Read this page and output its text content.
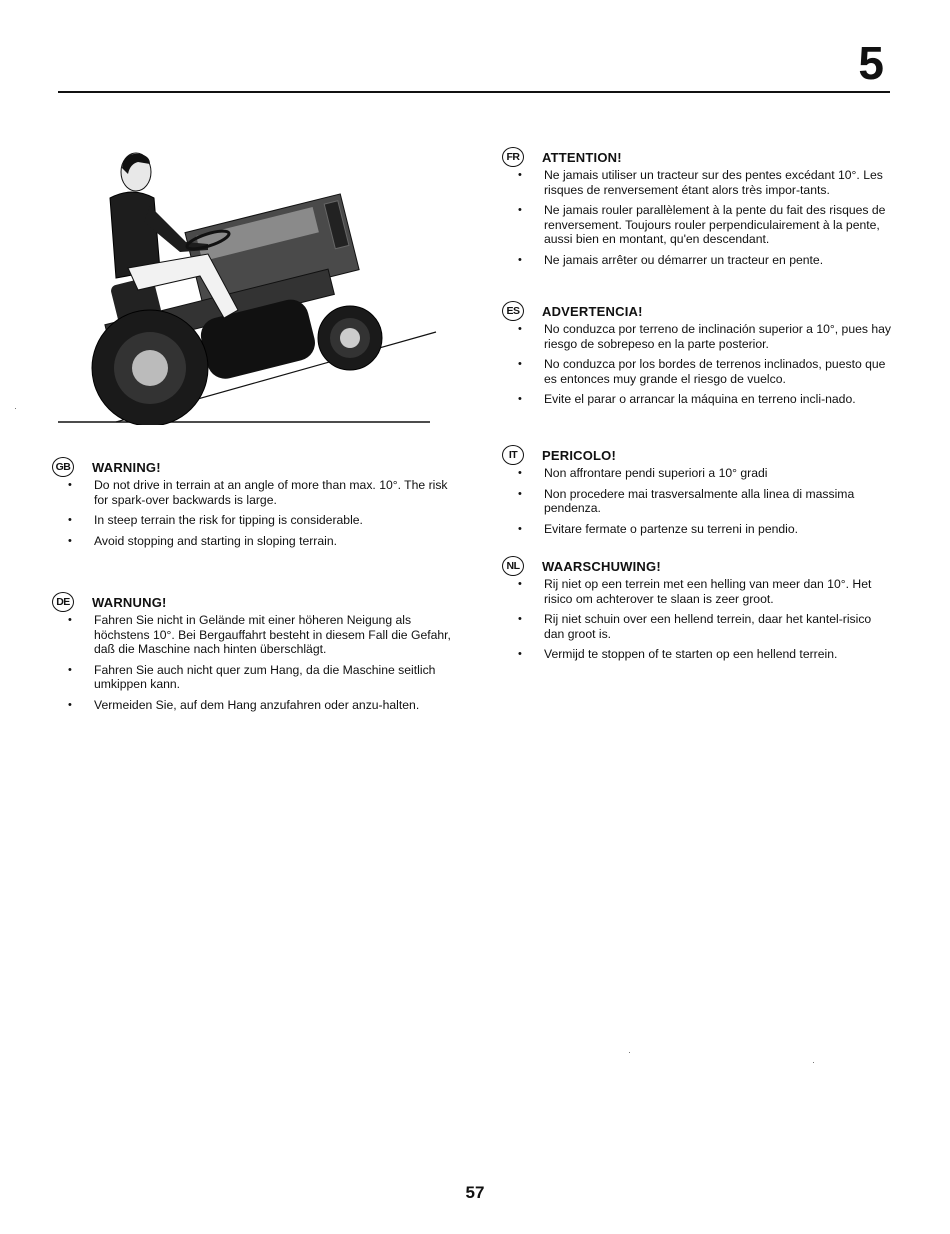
5
GB WARNING!
• Do not drive in terrain at an angle of more than max. 10°. The risk for spark-over backwards is large.
• In steep terrain the risk for tipping is considerable.
• Avoid stopping and starting in sloping terrain.
DE	WARNUNG!
• Fahren Sie nicht in Gelände mit einer höheren Neigung als höchstens 10°. Bei Bergauffahrt besteht in diesem Fall die Gefahr, daß die Maschine nach hinten überschlägt.
• Fahren Sie auch nicht quer zum Hang, da die Maschine seitlich umkippen kann.
• Vermeiden Sie, auf dem Hang anzufahren oder anzu-halten.
FR	ATTENTION!
• Ne jamais utiliser un tracteur sur des pentes excédant 10°. Les risques de renversement étant alors très impor-tants.
• Ne jamais rouler parallèlement à la pente du fait des risques de renversement. Toujours rouler perpendiculairement à la pente, aussi bien en montant, qu'en descendant.
• Ne jamais arrêter ou démarrer un tracteur en pente.
ES	ADVERTENCIA!
• No conduzca por terreno de inclinación superior a 10°, pues hay riesgo de sobrepeso en la parte posterior.
• No conduzca por los bordes de terrenos inclinados, puesto que es entonces muy grande el riesgo de vuelco.
• Evite el parar o arrancar la máquina en terreno incli-nado.
IT	PERICOLO!
• Non affrontare pendi superiori a 10° gradi
• Non procedere mai trasversalmente alla linea di massima pendenza.
• Evitare fermate o partenze su terreni in pendio.
NL	WAARSCHUWING!
• Rij niet op een terrein met een helling van meer dan 10°. Het risico om achterover te slaan is zeer groot.
• Rij niet schuin over een hellend terrein, daar het kantel-risico dan groot is.
• Vermijd te stoppen of te starten op een hellend terrein.
57
